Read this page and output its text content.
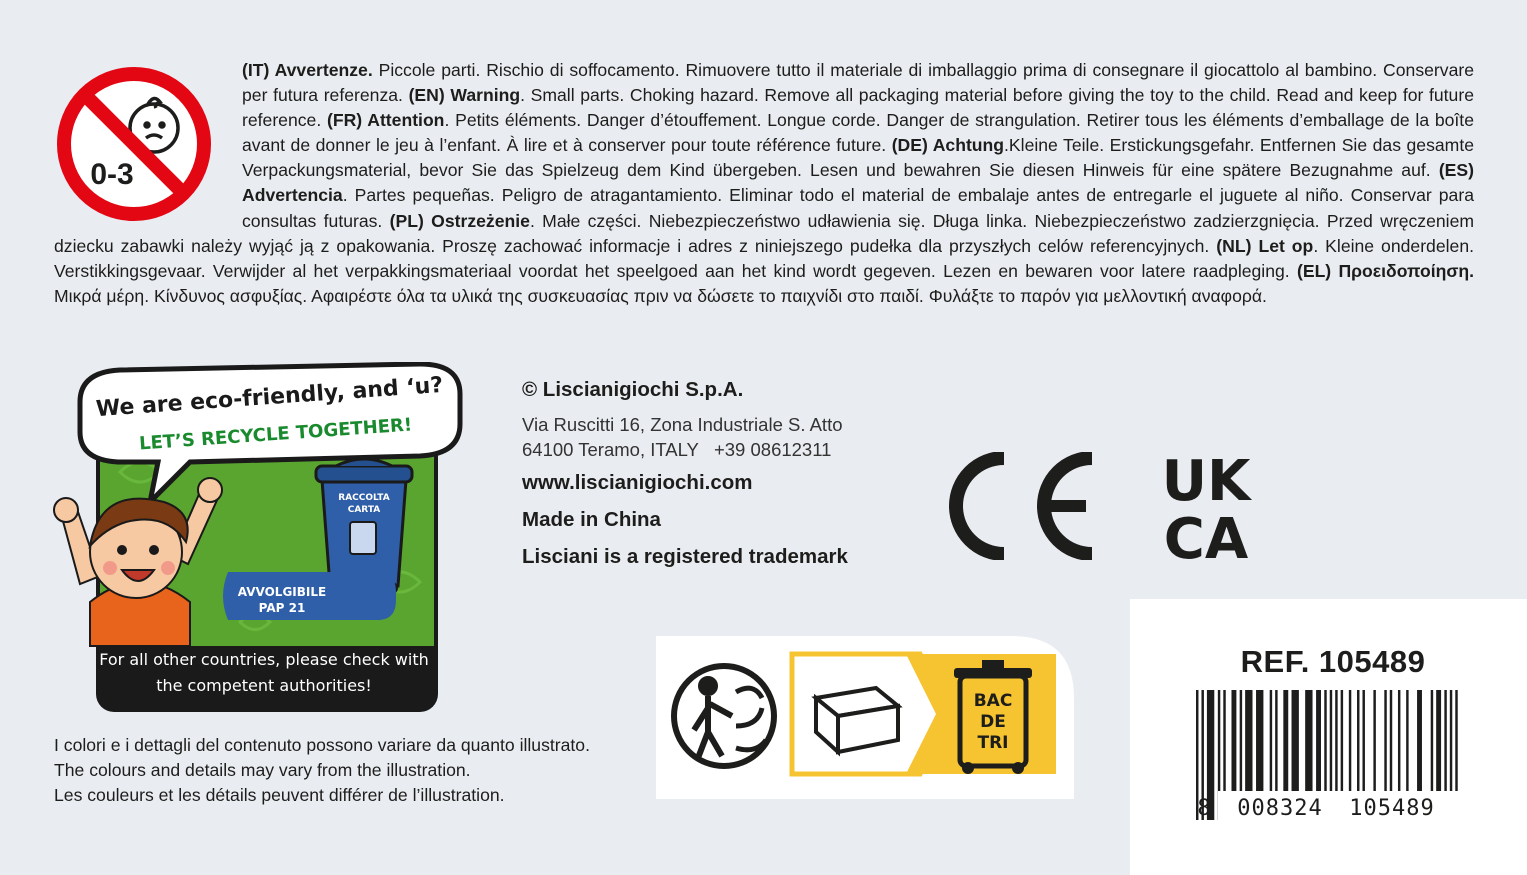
0-3
(IT) Avvertenze. Piccole parti. Rischio di soffocamento. Rimuovere tutto il materiale di imballaggio prima di consegnare il giocattolo al bambino. Conservare per futura referenza. (EN) Warning. Small parts. Choking hazard. Remove all packaging material before giving the toy to the child. Read and keep for future reference. (FR) Attention. Petits éléments. Danger d’étouffement. Longue corde. Danger de strangulation. Retirer tous les éléments d’emballage de la boîte avant de donner le jeu à l’enfant. À lire et à conserver pour toute référence future. (DE) Achtung.Kleine Teile. Erstickungsgefahr. Entfernen Sie das gesamte Verpackungsmaterial, bevor Sie das Spielzeug dem Kind übergeben. Lesen und bewahren Sie diesen Hinweis für eine spätere Bezugnahme auf. (ES) Advertencia. Partes pequeñas. Peligro de atragantamiento. Eliminar todo el material de embalaje antes de entregarle el juguete al niño. Conservar para consultas futuras. (PL) Ostrzeżenie. Małe części. Niebezpieczeństwo udławienia się. Długa linka. Niebezpieczeństwo zadzierzgnięcia. Przed wręczeniem dziecku zabawki należy wyjąć ją z opakowania. Proszę zachować informacje i adres z niniejszego pudełka dla przyszłych celów referencyjnych. (NL) Let op. Kleine onderdelen. Verstikkingsgevaar. Verwijder al het verpakkingsmateriaal voordat het speelgoed aan het kind wordt gegeven. Lezen en bewaren voor latere raadpleging. (EL) Προειδοποίηση. Μικρά μέρη. Κίνδυνος ασφυξίας. Αφαιρέστε όλα τα υλικά της συσκευασίας πριν να δώσετε το παιχνίδι στο παιδί. Φυλάξτε το παρόν για μελλοντική αναφορά.
We are eco-friendly, and ‘u?
LET’S RECYCLE TOGETHER!
RACCOLTA
CARTA
AVVOLGIBILE
PAP 21
For all other countries, please check with
the competent authorities!
© Liscianigiochi S.p.A.
Via Ruscitti 16, Zona Industriale S. Atto
64100 Teramo, ITALY   +39 08612311
www.liscianigiochi.com
Made in China
Lisciani is a registered trademark
UK
CA
I colori e i dettagli del contenuto possono variare da quanto illustrato.
The colours and details may vary from the illustration.
Les couleurs et les détails peuvent différer de l’illustration.
BAC
DE
TRI
REF. 105489
8 008324 105489
